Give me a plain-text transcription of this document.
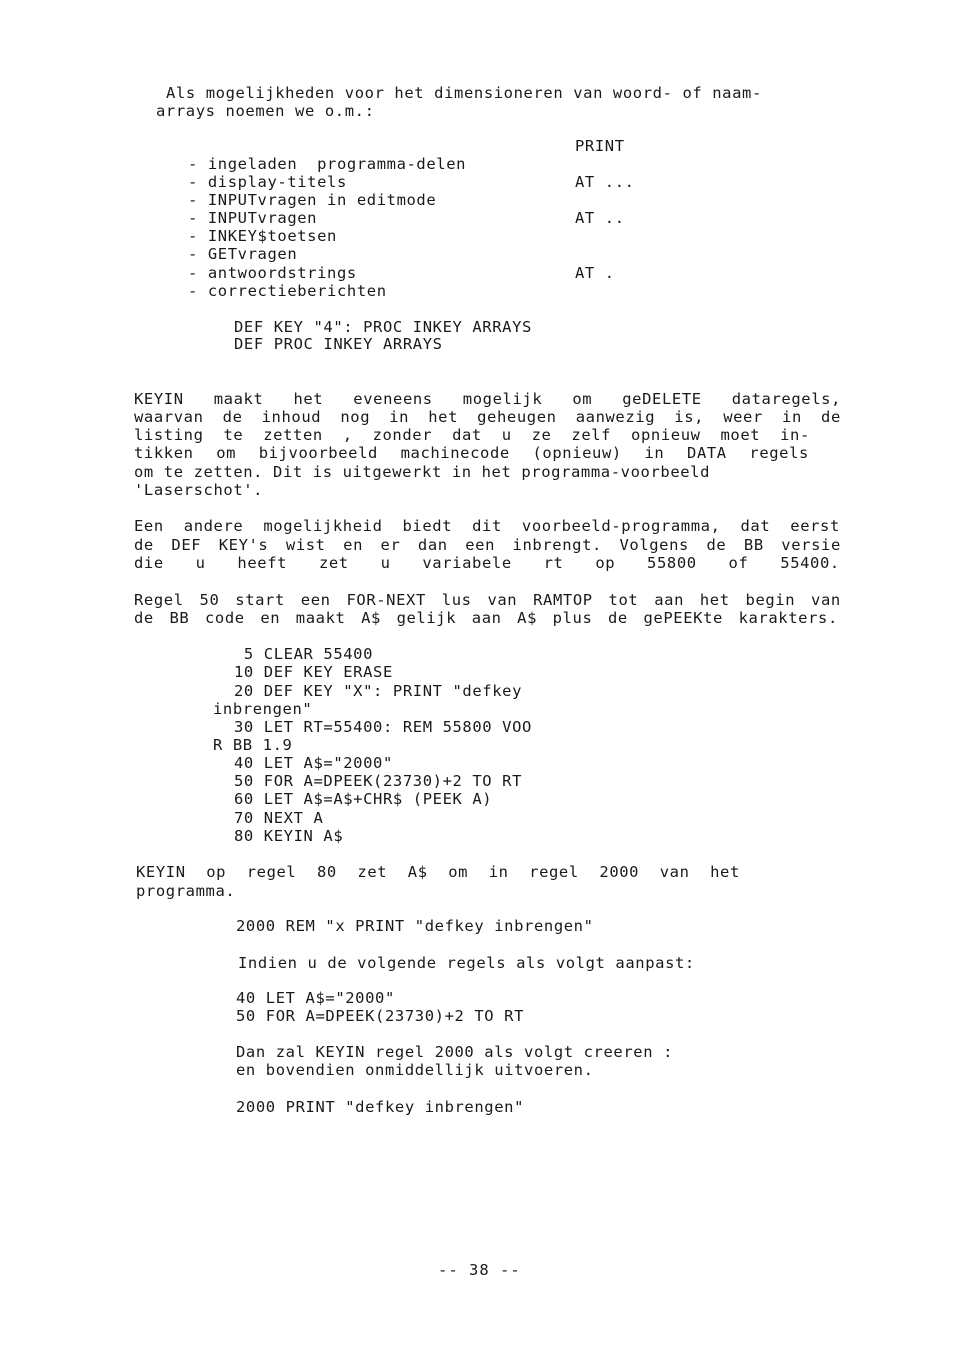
Als mogelijkheden voor het dimensioneren van woord- of naam-
arrays noemen we o.m.:
PRINT
- ingeladen  programma-delen
- display-titels	AT ...
- INPUTvragen in editmode
- INPUTvragen	AT ..
- INKEY$toetsen
- GETvragen
- antwoordstrings	AT .
- correctieberichten
DEF KEY "4": PROC INKEY ARRAYS
DEF PROC INKEY ARRAYS
KEYIN maakt het eveneens mogelijk om geDELETE dataregels,
waarvan de inhoud nog in het geheugen aanwezig is, weer in de
listing te zetten , zonder dat u ze zelf opnieuw moet in-
tikken om bijvoorbeeld machinecode (opnieuw) in DATA regels
om te zetten. Dit is uitgewerkt in het programma-voorbeeld
'Laserschot'.
Een andere mogelijkheid biedt dit voorbeeld-programma, dat eerst
de DEF KEY's wist en er dan een inbrengt. Volgens de BB versie
die u heeft zet u variabele rt op 55800 of 55400.
Regel 50 start een FOR-NEXT lus van RAMTOP tot aan het begin van
de BB code en maakt A$ gelijk aan A$ plus de gePEEKte karakters.
5 CLEAR 55400
10 DEF KEY ERASE
20 DEF KEY "X": PRINT "defkey
inbrengen"
30 LET RT=55400: REM 55800 VOO
R BB 1.9
40 LET A$="2000"
50 FOR A=DPEEK(23730)+2 TO RT
60 LET A$=A$+CHR$ (PEEK A)
70 NEXT A
80 KEYIN A$
KEYIN op regel 80 zet A$ om in regel 2000 van het
programma.
2000 REM "x PRINT "defkey inbrengen"
Indien u de volgende regels als volgt aanpast:
40 LET A$="2000"
50 FOR A=DPEEK(23730)+2 TO RT
Dan zal KEYIN regel 2000 als volgt creeren :
en bovendien onmiddellijk uitvoeren.
2000 PRINT "defkey inbrengen"
-- 38 --
